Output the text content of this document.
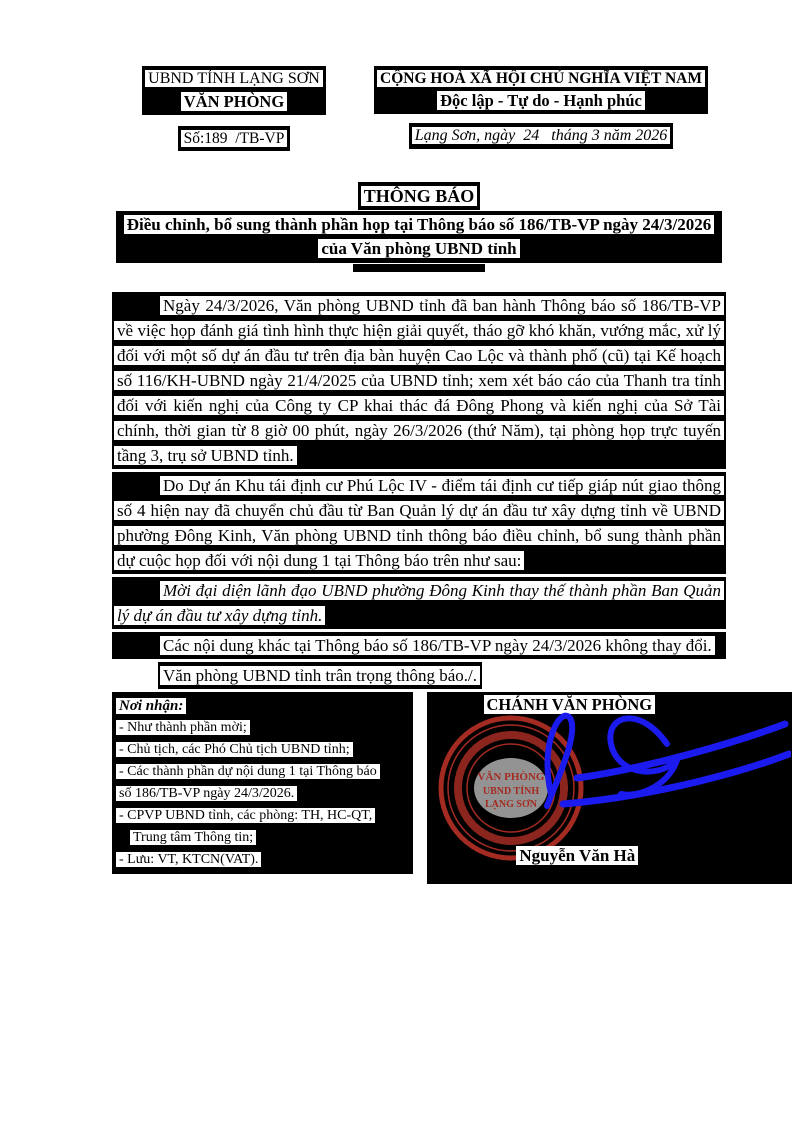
UBND TỈNH LẠNG SƠN
VĂN PHÒNG
Số:189  /TB-VP
CỘNG HOÀ XÃ HỘI CHỦ NGHĨA VIỆT NAM
Độc lập - Tự do - Hạnh phúc
Lạng Sơn, ngày  24   tháng 3 năm 2026
THÔNG BÁO

Điều chỉnh, bổ sung thành phần họp tại Thông báo số 186/TB-VP ngày 24/3/2026 của Văn phòng UBND tỉnh

Ngày 24/3/2026, Văn phòng UBND tỉnh đã ban hành Thông báo số 186/TB-VP về việc họp đánh giá tình hình thực hiện giải quyết, tháo gỡ khó khăn, vướng mắc, xử lý đối với một số dự án đầu tư trên địa bàn huyện Cao Lộc và thành phố (cũ) tại Kế hoạch số 116/KH-UBND ngày 21/4/2025 của UBND tỉnh; xem xét báo cáo của Thanh tra tỉnh đối với kiến nghị của Công ty CP khai thác đá Đông Phong và kiến nghị của Sở Tài chính, thời gian từ 8 giờ 00 phút, ngày 26/3/2026 (thứ Năm), tại phòng họp trực tuyến tầng 3, trụ sở UBND tỉnh.

Do Dự án Khu tái định cư Phú Lộc IV - điểm tái định cư tiếp giáp nút giao thông số 4 hiện nay đã chuyển chủ đầu từ Ban Quản lý dự án đầu tư xây dựng tỉnh về UBND phường Đông Kinh, Văn phòng UBND tỉnh thông báo điều chỉnh, bổ sung thành phần dự cuộc họp đối với nội dung 1 tại Thông báo trên như sau:

Mời đại diện lãnh đạo UBND phường Đông Kinh thay thế thành phần Ban Quản lý dự án đầu tư xây dựng tỉnh.

Các nội dung khác tại Thông báo số 186/TB-VP ngày 24/3/2026 không thay đổi.

Văn phòng UBND tỉnh trân trọng thông báo./.

Nơi nhận:
- Như thành phần mời;
- Chủ tịch, các Phó Chủ tịch UBND tỉnh;
- Các thành phần dự nội dung 1 tại Thông báo
số 186/TB-VP ngày 24/3/2026.
- CPVP UBND tỉnh, các phòng: TH, HC-QT,
Trung tâm Thông tin;
- Lưu: VT, KTCN(VAT).
CHÁNH VĂN PHÒNG
VĂN PHÒNG
UBND TỈNH
LẠNG SƠN
Nguyễn Văn Hà
